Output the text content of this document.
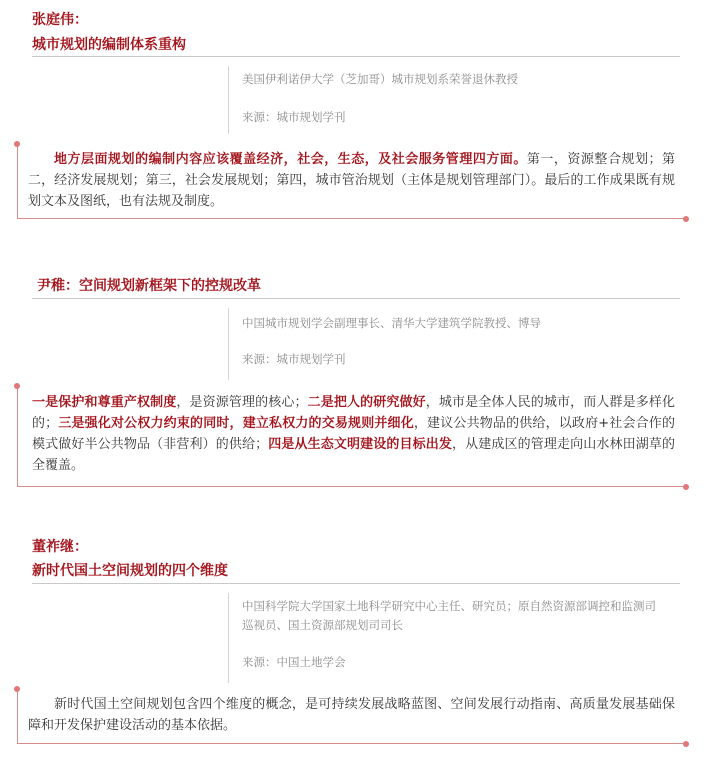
张庭伟：
城市规划的编制体系重构
美国伊利诺伊大学（芝加哥）城市规划系荣誉退休教授
来源：城市规划学刊
地方层面规划的编制内容应该覆盖经济，社会，生态，及社会服务管理四方面。第一，资源整合规划；第二，经济发展规划；第三，社会发展规划；第四，城市管治规划（主体是规划管理部门）。最后的工作成果既有规划文本及图纸，也有法规及制度。
尹稚：空间规划新框架下的控规改革
中国城市规划学会副理事长、清华大学建筑学院教授、博导
来源：城市规划学刊
一是保护和尊重产权制度，是资源管理的核心；二是把人的研究做好，城市是全体人民的城市，而人群是多样化的；三是强化对公权力约束的同时，建立私权力的交易规则并细化，建议公共物品的供给，以政府+社会合作的模式做好半公共物品（非营利）的供给；四是从生态文明建设的目标出发，从建成区的管理走向山水林田湖草的全覆盖。
董祚继：
新时代国土空间规划的四个维度
中国科学院大学国家土地科学研究中心主任、研究员；原自然资源部调控和监测司巡视员、国土资源部规划司司长
来源：中国土地学会
新时代国土空间规划包含四个维度的概念，是可持续发展战略蓝图、空间发展行动指南、高质量发展基础保障和开发保护建设活动的基本依据。
